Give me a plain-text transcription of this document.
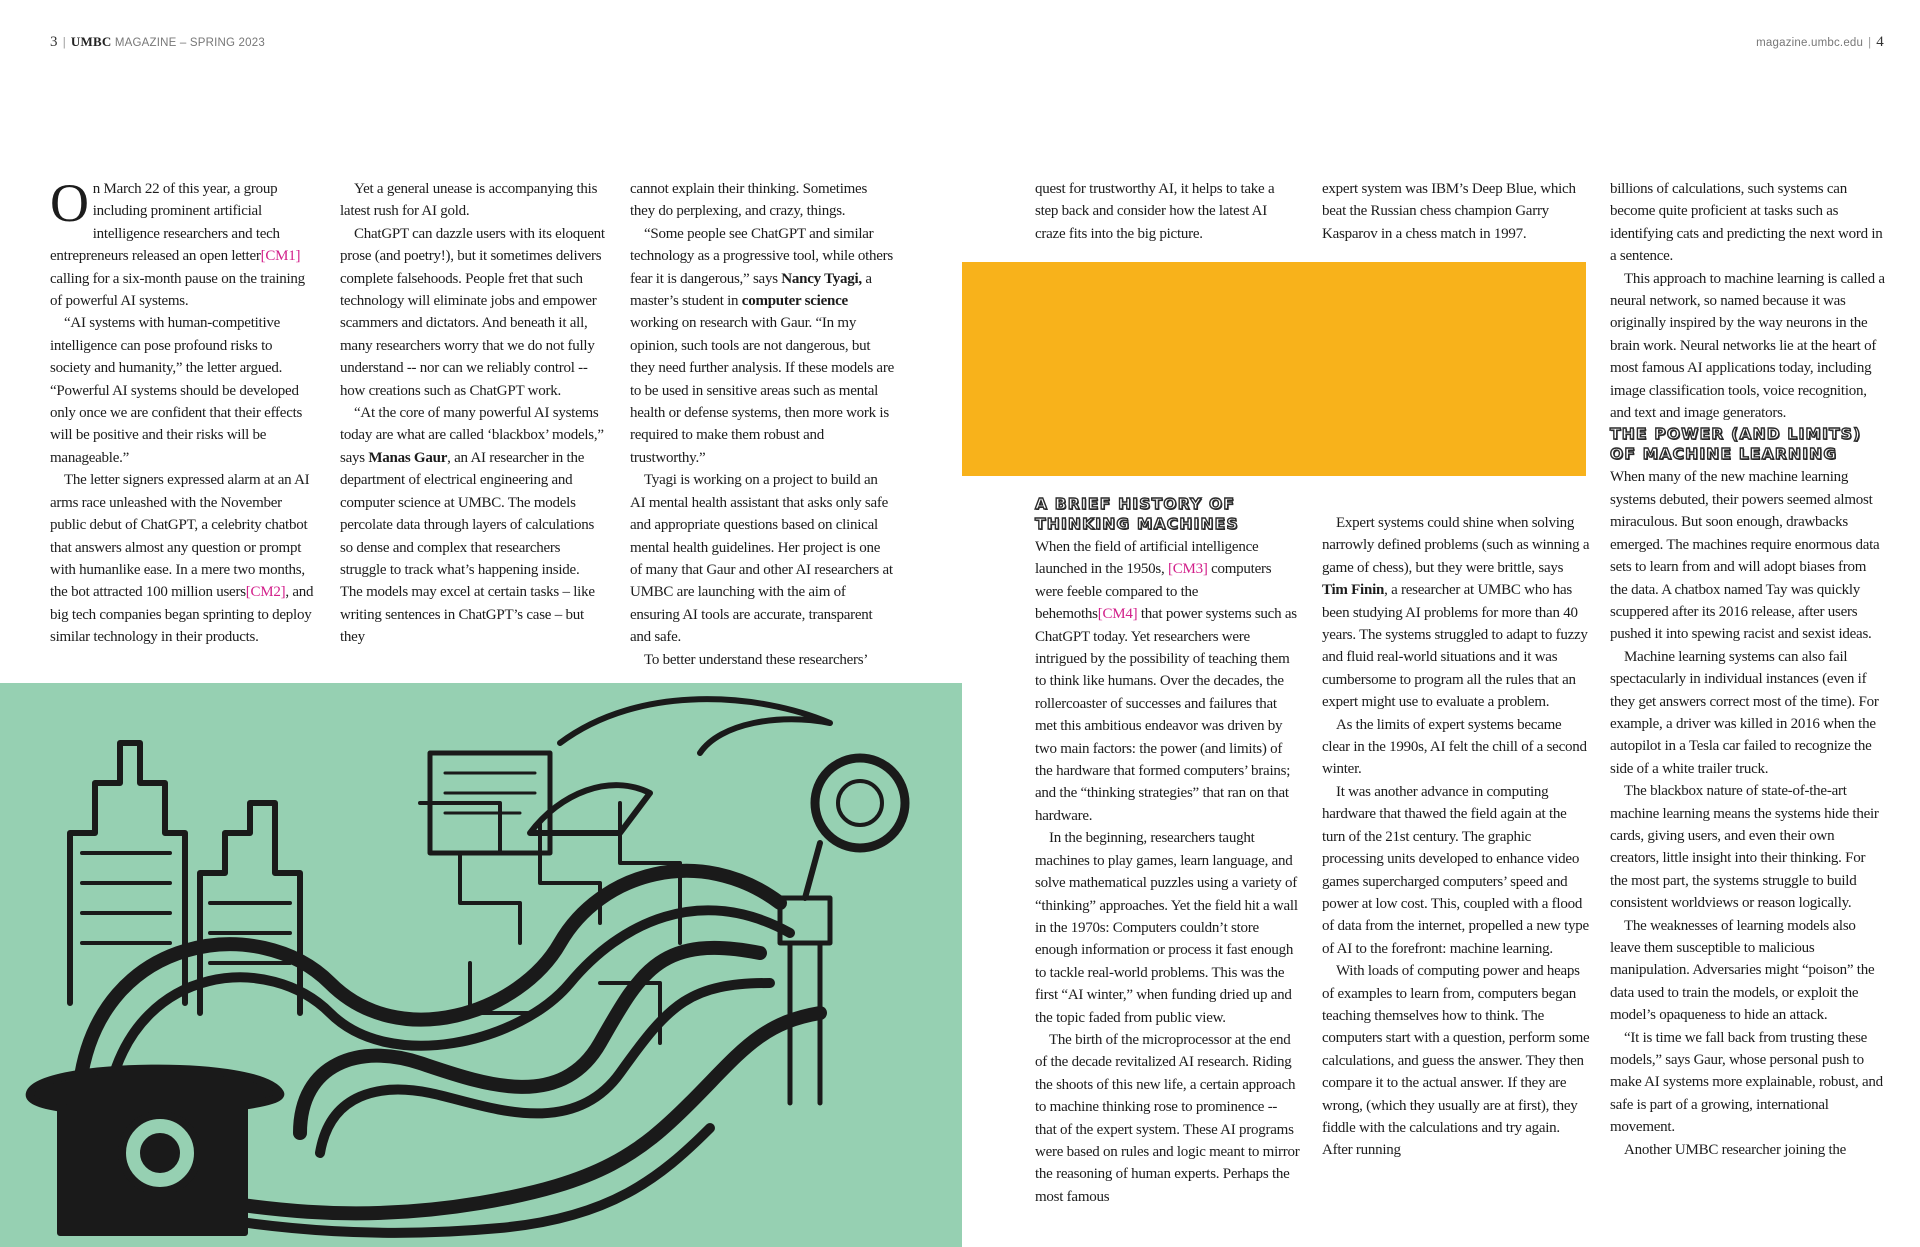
3 | UMBC MAGAZINE – SPRING 2023	magazine.umbc.edu | 4

On March 22 of this year, a group including prominent artificial intelligence researchers and tech entrepreneurs released an open letter[CM1] calling for a six-month pause on the training of powerful AI systems.

“AI systems with human-competitive intelligence can pose profound risks to society and humanity,” the letter argued. “Powerful AI systems should be developed only once we are confident that their effects will be positive and their risks will be manageable.”

The letter signers expressed alarm at an AI arms race unleashed with the November public debut of ChatGPT, a celebrity chatbot that answers almost any question or prompt with humanlike ease. In a mere two months, the bot attracted 100 million users[CM2], and big tech companies began sprinting to deploy similar technology in their products.

Yet a general unease is accompanying this latest rush for AI gold.

ChatGPT can dazzle users with its eloquent prose (and poetry!), but it sometimes delivers complete falsehoods. People fret that such technology will eliminate jobs and empower scammers and dictators. And beneath it all, many researchers worry that we do not fully understand -- nor can we reliably control -- how creations such as ChatGPT work.

“At the core of many powerful AI systems today are what are called ‘blackbox’ models,” says Manas Gaur, an AI researcher in the department of electrical engineering and computer science at UMBC. The models percolate data through layers of calculations so dense and complex that researchers struggle to track what’s happening inside. The models may excel at certain tasks – like writing sentences in ChatGPT’s case – but they

cannot explain their thinking. Sometimes they do perplexing, and crazy, things.

“Some people see ChatGPT and similar technology as a progressive tool, while others fear it is dangerous,” says Nancy Tyagi, a master’s student in computer science working on research with Gaur. “In my opinion, such tools are not dangerous, but they need further analysis. If these models are to be used in sensitive areas such as mental health or defense systems, then more work is required to make them robust and trustworthy.”

Tyagi is working on a project to build an AI mental health assistant that asks only safe and appropriate questions based on clinical mental health guidelines. Her project is one of many that Gaur and other AI researchers at UMBC are launching with the aim of ensuring AI tools are accurate, transparent and safe.

To better understand these researchers’

quest for trustworthy AI, it helps to take a step back and consider how the latest AI craze fits into the big picture.

expert system was IBM’s Deep Blue, which beat the Russian chess champion Garry Kasparov in a chess match in 1997.

A BRIEF HISTORY OF
THINKING MACHINES

When the field of artificial intelligence launched in the 1950s, [CM3] computers were feeble compared to the behemoths[CM4] that power systems such as ChatGPT today. Yet researchers were intrigued by the possibility of teaching them to think like humans. Over the decades, the rollercoaster of successes and failures that met this ambitious endeavor was driven by two main factors: the power (and limits) of the hardware that formed computers’ brains; and the “thinking strategies” that ran on that hardware.

In the beginning, researchers taught machines to play games, learn language, and solve mathematical puzzles using a variety of “thinking” approaches. Yet the field hit a wall in the 1970s: Computers couldn’t store enough information or process it fast enough to tackle real-world problems. This was the first “AI winter,” when funding dried up and the topic faded from public view.

The birth of the microprocessor at the end of the decade revitalized AI research. Riding the shoots of this new life, a certain approach to machine thinking rose to prominence -- that of the expert system. These AI programs were based on rules and logic meant to mirror the reasoning of human experts. Perhaps the most famous

Expert systems could shine when solving narrowly defined problems (such as winning a game of chess), but they were brittle, says Tim Finin, a researcher at UMBC who has been studying AI problems for more than 40 years. The systems struggled to adapt to fuzzy and fluid real-world situations and it was cumbersome to program all the rules that an expert might use to evaluate a problem.

As the limits of expert systems became clear in the 1990s, AI felt the chill of a second winter.

It was another advance in computing hardware that thawed the field again at the turn of the 21st century. The graphic processing units developed to enhance video games supercharged computers’ speed and power at low cost. This, coupled with a flood of data from the internet, propelled a new type of AI to the forefront: machine learning.

With loads of computing power and heaps of examples to learn from, computers began teaching themselves how to think. The computers start with a question, perform some calculations, and guess the answer. They then compare it to the actual answer. If they are wrong, (which they usually are at first), they fiddle with the calculations and try again. After running

billions of calculations, such systems can become quite proficient at tasks such as identifying cats and predicting the next word in a sentence.

This approach to machine learning is called a neural network, so named because it was originally inspired by the way neurons in the brain work. Neural networks lie at the heart of most famous AI applications today, including image classification tools, voice recognition, and text and image generators.

THE POWER (AND LIMITS)
OF MACHINE LEARNING

When many of the new machine learning systems debuted, their powers seemed almost miraculous. But soon enough, drawbacks emerged. The machines require enormous data sets to learn from and will adopt biases from the data. A chatbox named Tay was quickly scuppered after its 2016 release, after users pushed it into spewing racist and sexist ideas.

Machine learning systems can also fail spectacularly in individual instances (even if they get answers correct most of the time). For example, a driver was killed in 2016 when the autopilot in a Tesla car failed to recognize the side of a white trailer truck.

The blackbox nature of state-of-the-art machine learning means the systems hide their cards, giving users, and even their own creators, little insight into their thinking. For the most part, the systems struggle to build consistent worldviews or reason logically.

The weaknesses of learning models also leave them susceptible to malicious manipulation. Adversaries might “poison” the data used to train the models, or exploit the model’s opaqueness to hide an attack.

“It is time we fall back from trusting these models,” says Gaur, whose personal push to make AI systems more explainable, robust, and safe is part of a growing, international movement.

Another UMBC researcher joining the
